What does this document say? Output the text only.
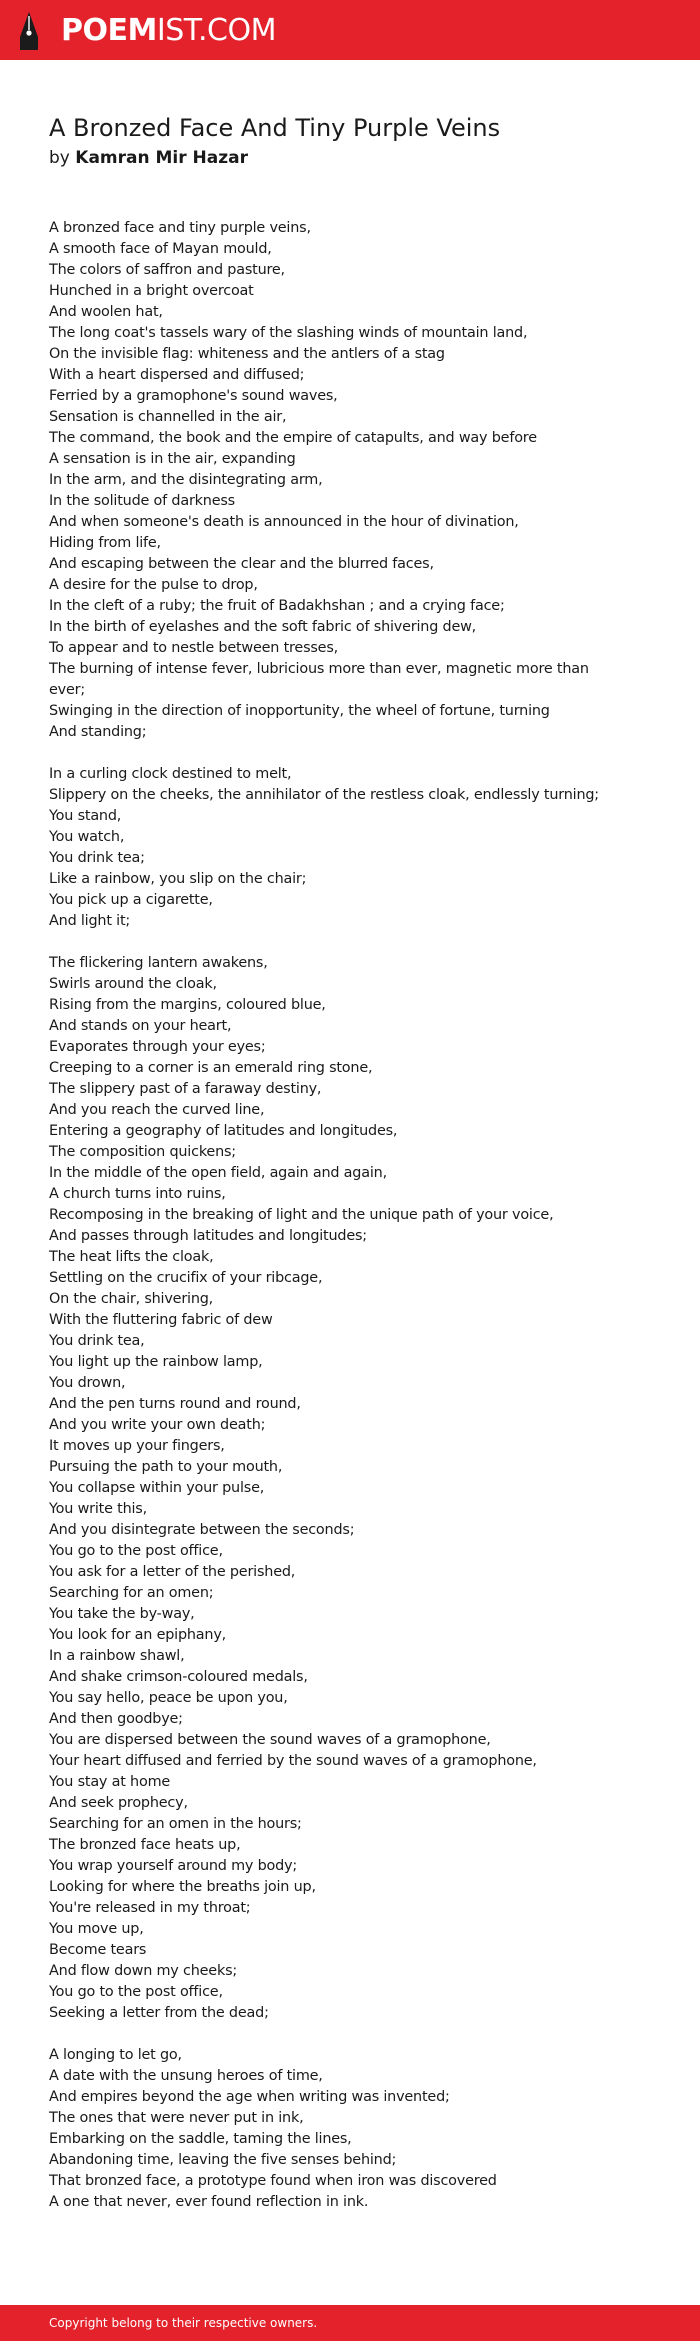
POEMIST.COM
A Bronzed Face And Tiny Purple Veins
by Kamran Mir Hazar
A bronzed face and tiny purple veins,
A smooth face of Mayan mould,
The colors of saffron and pasture,
Hunched in a bright overcoat
And woolen hat,
The long coat's tassels wary of the slashing winds of mountain land,
On the invisible flag: whiteness and the antlers of a stag
With a heart dispersed and diffused;
Ferried by a gramophone's sound waves,
Sensation is channelled in the air,
The command, the book and the empire of catapults, and way before
A sensation is in the air, expanding
In the arm, and the disintegrating arm,
In the solitude of darkness
And when someone's death is announced in the hour of divination,
Hiding from life,
And escaping between the clear and the blurred faces,
A desire for the pulse to drop,
In the cleft of a ruby; the fruit of Badakhshan ; and a crying face;
In the birth of eyelashes and the soft fabric of shivering dew,
To appear and to nestle between tresses,
The burning of intense fever, lubricious more than ever, magnetic more than ever;
Swinging in the direction of inopportunity, the wheel of fortune, turning
And standing;
In a curling clock destined to melt,
Slippery on the cheeks, the annihilator of the restless cloak, endlessly turning;
You stand,
You watch,
You drink tea;
Like a rainbow, you slip on the chair;
You pick up a cigarette,
And light it;
The flickering lantern awakens,
Swirls around the cloak,
Rising from the margins, coloured blue,
And stands on your heart,
Evaporates through your eyes;
Creeping to a corner is an emerald ring stone,
The slippery past of a faraway destiny,
And you reach the curved line,
Entering a geography of latitudes and longitudes,
The composition quickens;
In the middle of the open field, again and again,
A church turns into ruins,
Recomposing in the breaking of light and the unique path of your voice,
And passes through latitudes and longitudes;
The heat lifts the cloak,
Settling on the crucifix of your ribcage,
On the chair, shivering,
With the fluttering fabric of dew
You drink tea,
You light up the rainbow lamp,
You drown,
And the pen turns round and round,
And you write your own death;
It moves up your fingers,
Pursuing the path to your mouth,
You collapse within your pulse,
You write this,
And you disintegrate between the seconds;
You go to the post office,
You ask for a letter of the perished,
Searching for an omen;
You take the by-way,
You look for an epiphany,
In a rainbow shawl,
And shake crimson-coloured medals,
You say hello, peace be upon you,
And then goodbye;
You are dispersed between the sound waves of a gramophone,
Your heart diffused and ferried by the sound waves of a gramophone,
You stay at home
And seek prophecy,
Searching for an omen in the hours;
The bronzed face heats up,
You wrap yourself around my body;
Looking for where the breaths join up,
You're released in my throat;
You move up,
Become tears
And flow down my cheeks;
You go to the post office,
Seeking a letter from the dead;
A longing to let go,
A date with the unsung heroes of time,
And empires beyond the age when writing was invented;
The ones that were never put in ink,
Embarking on the saddle, taming the lines,
Abandoning time, leaving the five senses behind;
That bronzed face, a prototype found when iron was discovered
A one that never, ever found reflection in ink.
Copyright belong to their respective owners.
